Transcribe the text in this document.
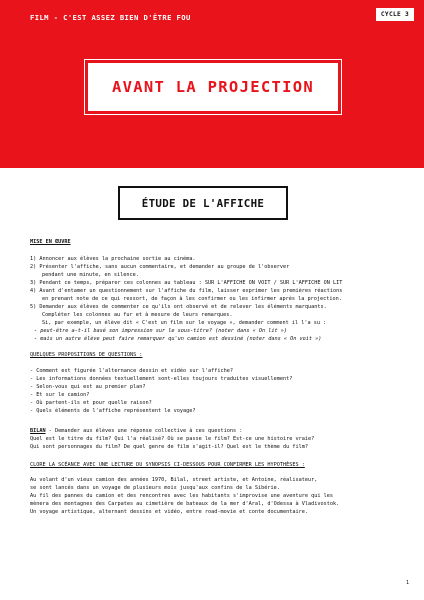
FILM - C'EST ASSEZ BIEN D'ÊTRE FOU	CYCLE 3
AVANT LA PROJECTION
ÉTUDE DE L'AFFICHE
MISE EN ŒUVRE
1) Annoncer aux élèves la prochaine sortie au cinéma.
2) Présenter l'affiche, sans aucun commentaire, et demander au groupe de l'observer
pendant une minute, en silence.
3) Pendant ce temps, préparer ces colonnes au tableau : SUR L'AFFICHE ON VOIT / SUR L'AFFICHE ON LIT
4) Avant d'entamer un questionnement sur l'affiche du film, laisser exprimer les premières réactions
en prenant note de ce qui ressort, de façon à les confirmer ou les infirmer après la projection.
5) Demander aux élèves de commenter ce qu'ils ont observé et de relever les éléments marquants.
Compléter les colonnes au fur et à mesure de leurs remarques.
Si, par exemple, un élève dit « C'est un film sur le voyage », demander comment il l'a su :
- peut-être a-t-il basé son impression sur le sous-titre? (noter dans « On lit »)
- mais un autre élève peut faire remarquer qu'un camion est dessiné (noter dans « On voit »)
QUELQUES PROPOSITIONS DE QUESTIONS :
- Comment est figurée l'alternance dessin et vidéo sur l'affiche?
- Les informations données textuellement sont-elles toujours traduites visuellement?
- Selon-vous qui est au premier plan?
- Et sur le camion?
- Où partent-ils et pour quelle raison?
- Quels éléments de l'affiche représentent le voyage?
BILAN - Demander aux élèves une réponse collective à ces questions :
Quel est le titre du film? Qui l'a réalisé? Où se passe le film? Est-ce une histoire vraie?
Qui sont personnages du film? De quel genre de film s'agit-il? Quel est le thème du film?
CLORE LA SCÉANCE AVEC UNE LECTURE DU SYNOPSIS CI-DESSOUS POUR CONFIRMER LES HYPOTHÈSES :
Au volant d'un vieux camion des années 1970, Bilal, street artiste, et Antoine, réalisateur,
se sont lancés dans un voyage de plusieurs mois jusqu'aux confins de la Sibérie.
Au fil des pannes du camion et des rencontres avec les habitants s'improvise une aventure qui les
mènera des montagnes des Carpates au cimetière de bateaux de la mer d'Aral, d'Odessa à Vladivostok.
Un voyage artistique, alternant dessins et vidéo, entre road-movie et conte documentaire.
1
